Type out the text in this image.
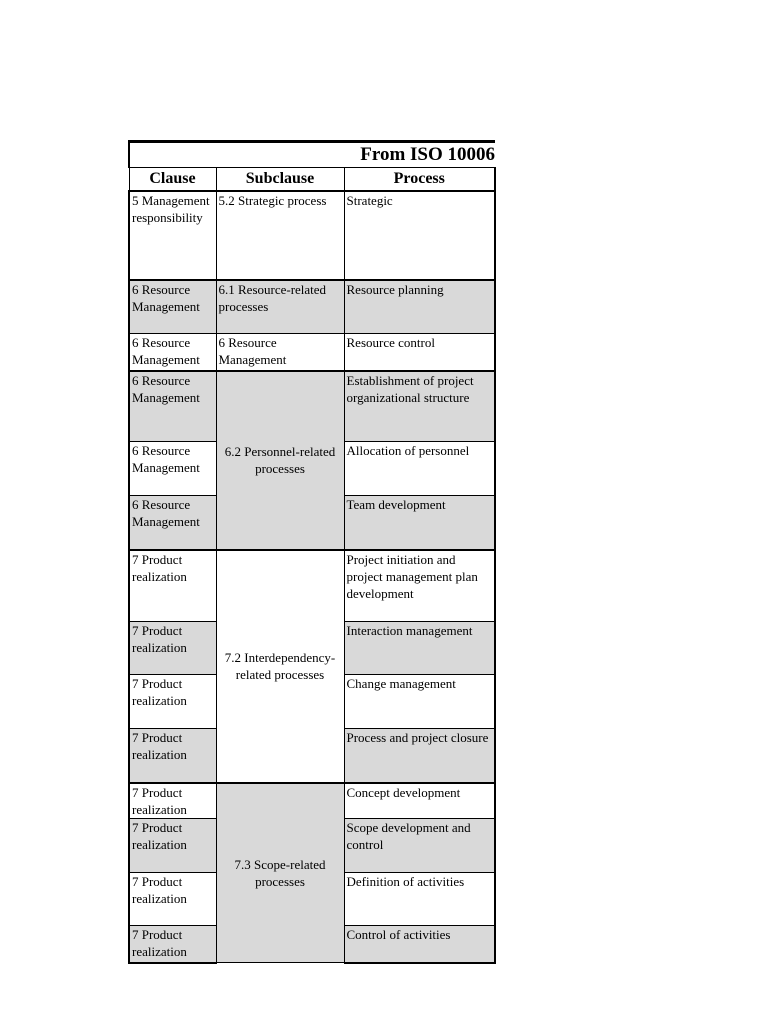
From ISO 10006		
Clause	Subclause	Process
5 Management responsibility	5.2 Strategic process	Strategic
6 Resource Management	6.1 Resource-related processes	Resource planning
6 Resource Management	6 Resource Management	Resource control
6 Resource Management	6.2 Personnel-related processes	Establishment of project organizational structure
6 Resource Management		Allocation of personnel
6 Resource Management		Team development
7 Product realization	7.2 Interdependency-related processes	Project initiation and project management plan development
7 Product realization		Interaction management
7 Product realization		Change management
7 Product realization		Process and project closure
7 Product realization	7.3 Scope-related processes	Concept development
7 Product realization		Scope development and control
7 Product realization		Definition of activities
7 Product realization		Control of activities
